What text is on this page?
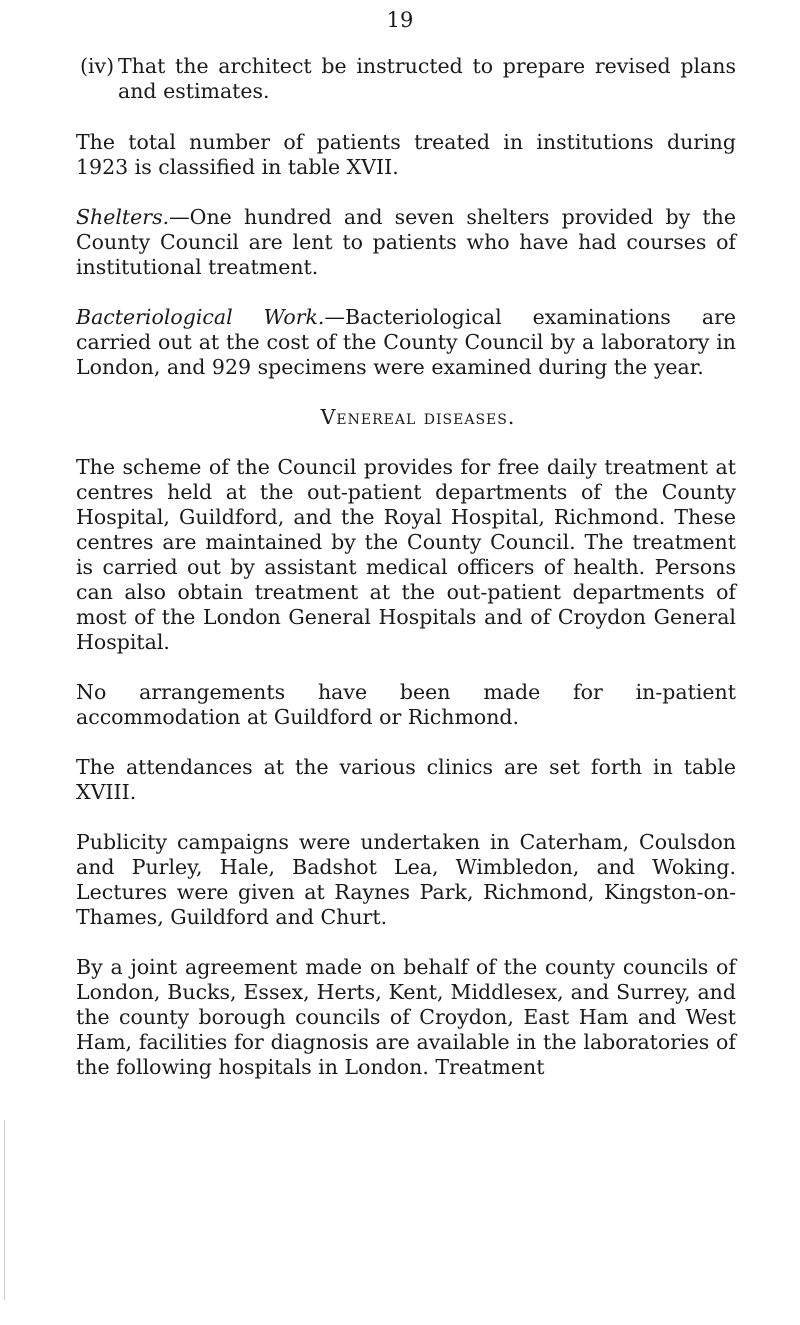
19
(iv) That the architect be instructed to prepare revised plans and estimates.

The total number of patients treated in institutions during 1923 is classified in table XVII.

Shelters.—One hundred and seven shelters provided by the County Council are lent to patients who have had courses of institutional treatment.

Bacteriological Work.—Bacteriological examinations are carried out at the cost of the County Council by a laboratory in London, and 929 specimens were examined during the year.

Venereal diseases.

The scheme of the Council provides for free daily treatment at centres held at the out-patient departments of the County Hospital, Guildford, and the Royal Hospital, Richmond. These centres are maintained by the County Council. The treatment is carried out by assistant medical officers of health. Persons can also obtain treatment at the out-patient departments of most of the London General Hospitals and of Croydon General Hospital.

No arrangements have been made for in-patient accommodation at Guildford or Richmond.

The attendances at the various clinics are set forth in table XVIII.

Publicity campaigns were undertaken in Caterham, Coulsdon and Purley, Hale, Badshot Lea, Wimbledon, and Woking. Lectures were given at Raynes Park, Richmond, Kingston-on-Thames, Guildford and Churt.

By a joint agreement made on behalf of the county councils of London, Bucks, Essex, Herts, Kent, Middlesex, and Surrey, and the county borough councils of Croydon, East Ham and West Ham, facilities for diagnosis are available in the laboratories of the following hospitals in London. Treatment
